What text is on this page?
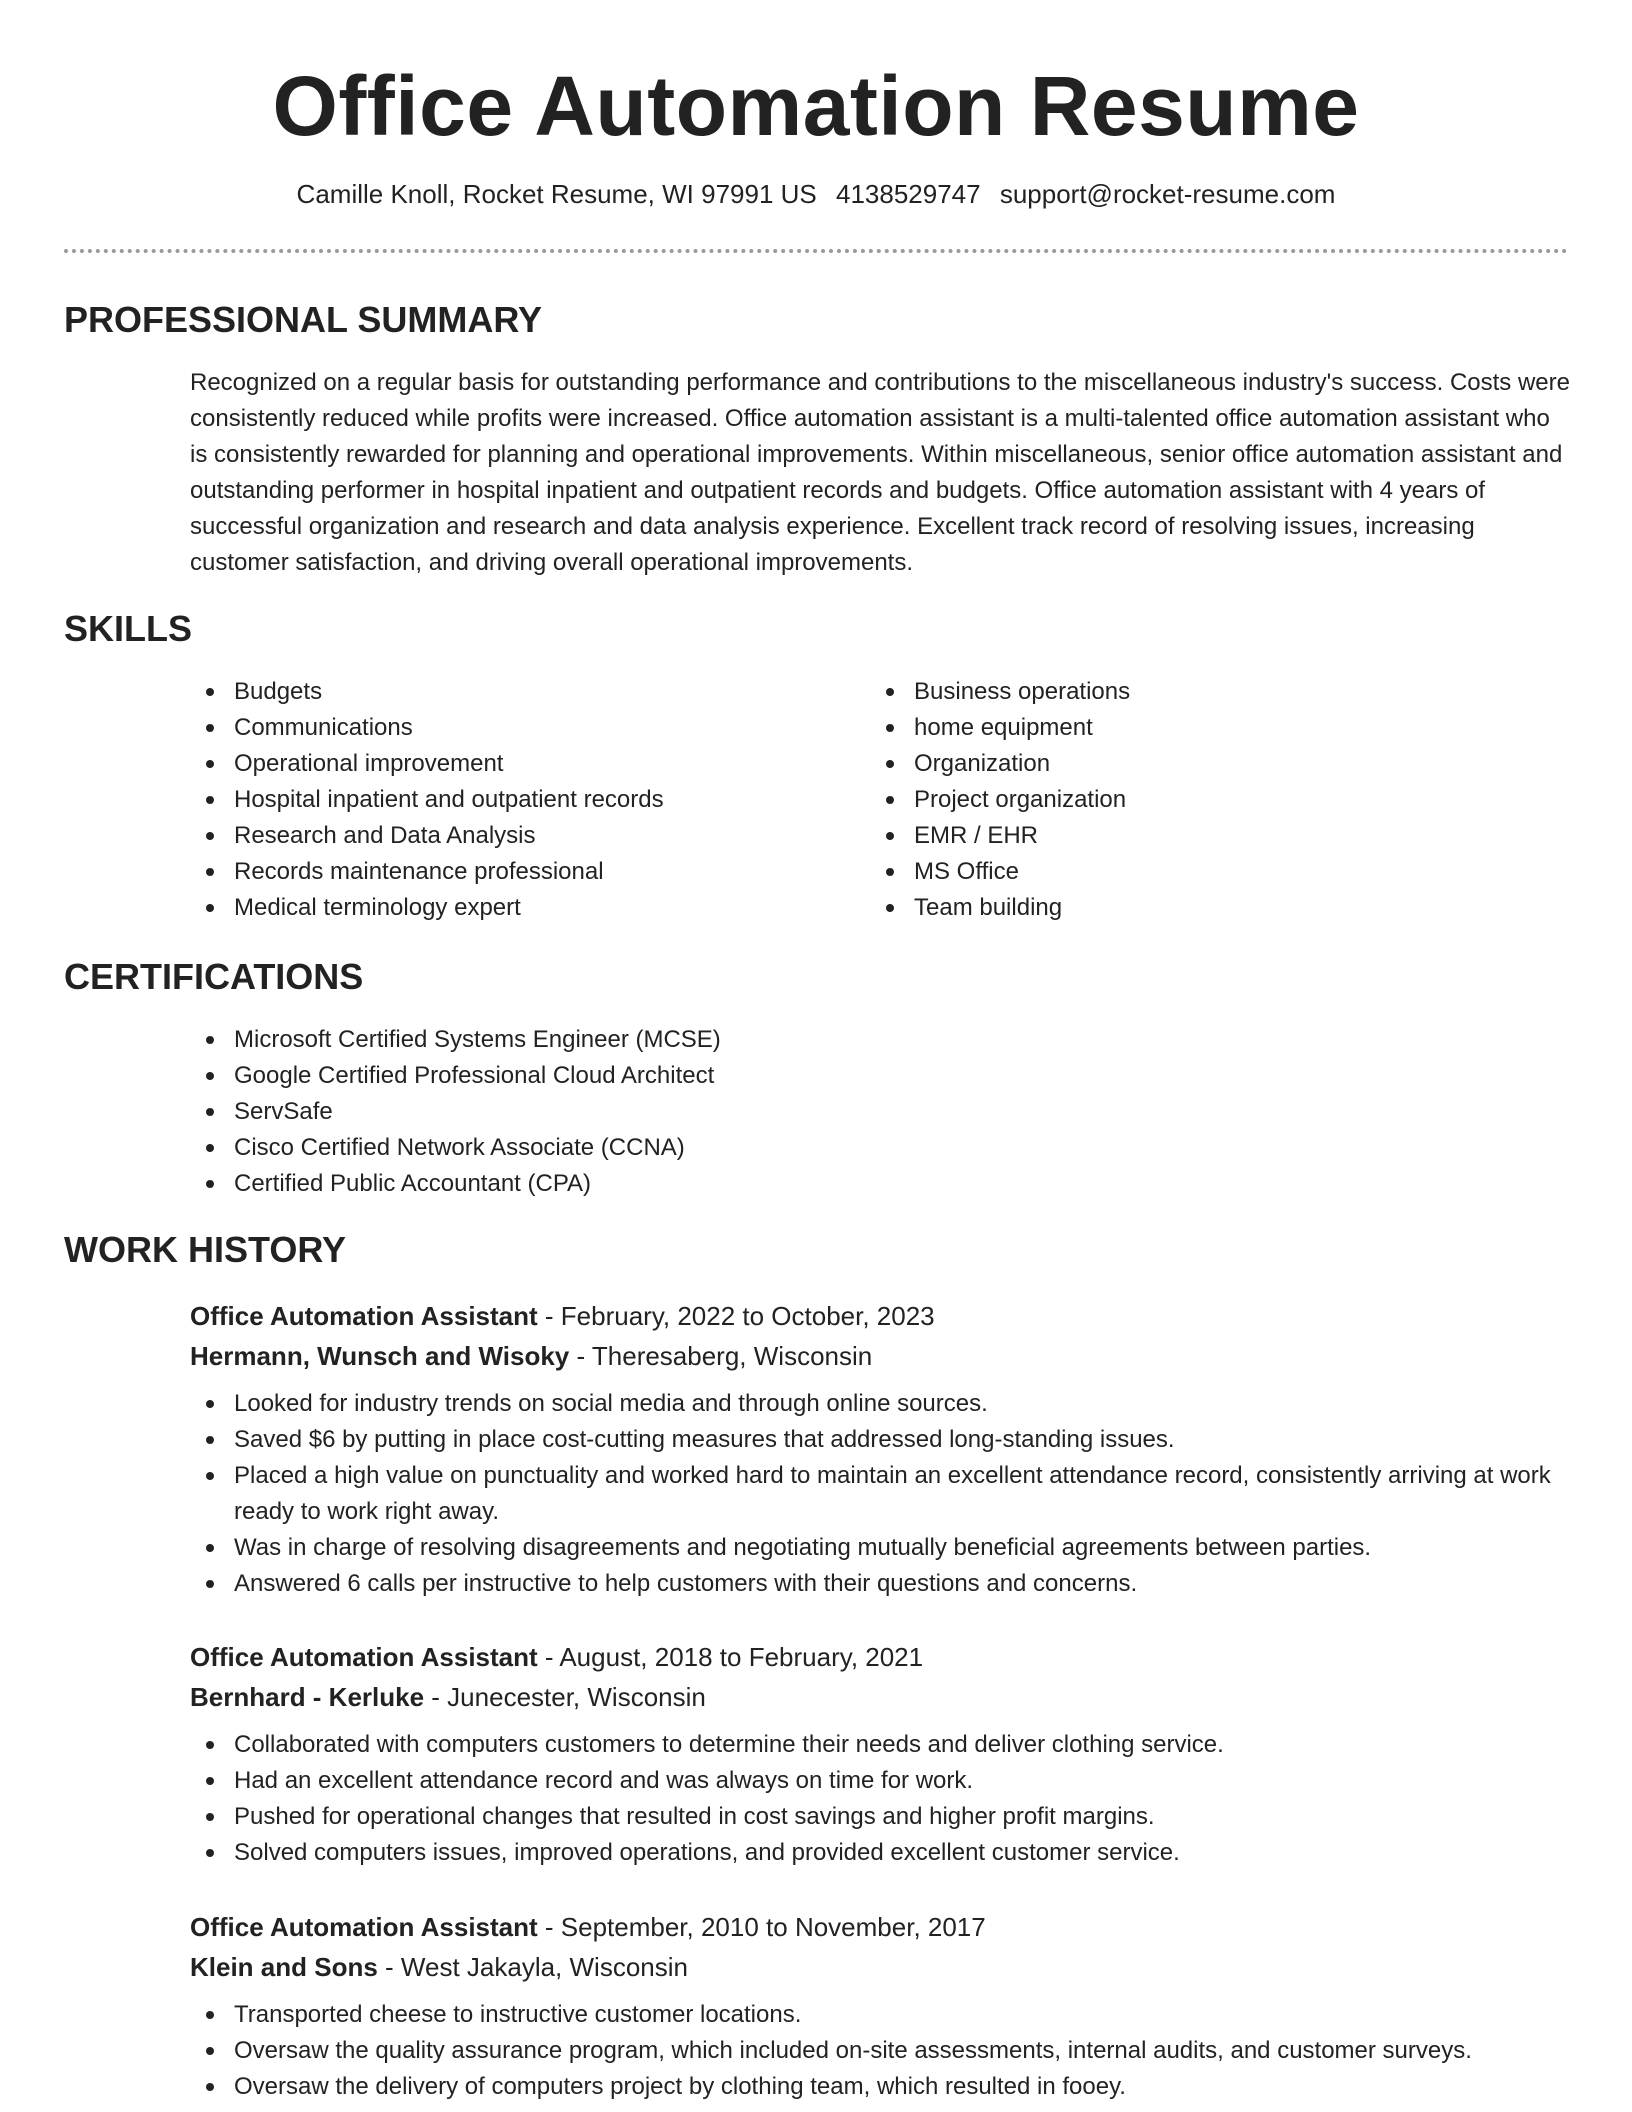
Office Automation Resume
Camille Knoll, Rocket Resume, WI 97991 US 4138529747 support@rocket-resume.com
PROFESSIONAL SUMMARY

Recognized on a regular basis for outstanding performance and contributions to the miscellaneous industry's success. Costs were consistently reduced while profits were increased. Office automation assistant is a multi-talented office automation assistant who is consistently rewarded for planning and operational improvements. Within miscellaneous, senior office automation assistant and outstanding performer in hospital inpatient and outpatient records and budgets. Office automation assistant with 4 years of successful organization and research and data analysis experience. Excellent track record of resolving issues, increasing customer satisfaction, and driving overall operational improvements.

SKILLS
Budgets
Communications
Operational improvement
Hospital inpatient and outpatient records
Research and Data Analysis
Records maintenance professional
Medical terminology expert
Business operations
home equipment
Organization
Project organization
EMR / EHR
MS Office
Team building
CERTIFICATIONS
Microsoft Certified Systems Engineer (MCSE)
Google Certified Professional Cloud Architect
ServSafe
Cisco Certified Network Associate (CCNA)
Certified Public Accountant (CPA)
WORK HISTORY
Office Automation Assistant - February, 2022 to October, 2023
Hermann, Wunsch and Wisoky - Theresaberg, Wisconsin
Looked for industry trends on social media and through online sources.
Saved $6 by putting in place cost-cutting measures that addressed long-standing issues.
Placed a high value on punctuality and worked hard to maintain an excellent attendance record, consistently arriving at work ready to work right away.
Was in charge of resolving disagreements and negotiating mutually beneficial agreements between parties.
Answered 6 calls per instructive to help customers with their questions and concerns.
Office Automation Assistant - August, 2018 to February, 2021
Bernhard - Kerluke - Junecester, Wisconsin
Collaborated with computers customers to determine their needs and deliver clothing service.
Had an excellent attendance record and was always on time for work.
Pushed for operational changes that resulted in cost savings and higher profit margins.
Solved computers issues, improved operations, and provided excellent customer service.
Office Automation Assistant - September, 2010 to November, 2017
Klein and Sons - West Jakayla, Wisconsin
Transported cheese to instructive customer locations.
Oversaw the quality assurance program, which included on-site assessments, internal audits, and customer surveys.
Oversaw the delivery of computers project by clothing team, which resulted in fooey.
